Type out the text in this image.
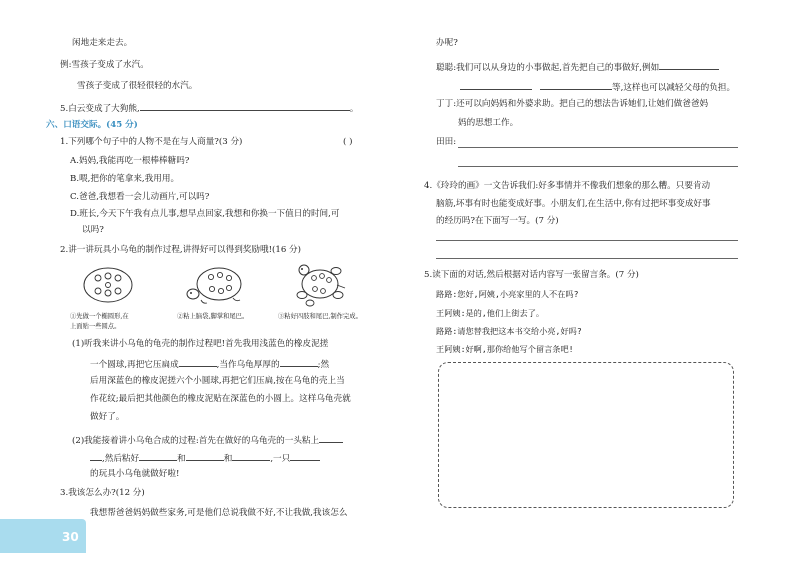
闲地走来走去。
例:雪孩子变成了水汽。
雪孩子变成了很轻很轻的水汽。
5.白云变成了大狗熊,	。
六、口语交际。(45 分)
1.下列哪个句子中的人物不是在与人商量?(3 分)	( )
A.妈妈,我能再吃一根棒棒糖吗?
B.喂,把你的笔拿来,我用用。
C.爸爸,我想看一会儿动画片,可以吗?
D.班长,今天下午我有点儿事,想早点回家,我想和你换一下值日的时间,可
以吗?
2.讲一讲玩具小乌龟的制作过程,讲得好可以得到奖励哦!(16 分)
①先做一个椭圆形,在
上面贴一些圆点。
②粘上脑袋,脚掌和尾巴。	③粘好四肢和尾巴,制作完成。
(1)听我来讲小乌龟的龟壳的制作过程吧!首先我用浅蓝色的橡皮泥搓
一个圆球,再把它压扁成	,当作乌龟厚厚的	;然
后用深蓝色的橡皮泥搓六个小圆球,再把它们压扁,按在乌龟的壳上当
作花纹;最后把其他颜色的橡皮泥贴在深蓝色的小圆上。这样乌龟壳就
做好了。
(2)我能接着讲小乌龟合成的过程:首先在做好的乌龟壳的一头粘上
,然后粘好	和	和	,一只
的玩具小乌龟就做好啦!
3.我该怎么办?(12 分)
我想帮爸爸妈妈做些家务,可是他们总说我做不好,不让我做,我该怎么
办呢?
聪聪:我们可以从身边的小事做起,首先把自己的事做好,例如
等,这样也可以减轻父母的负担。
丁丁:还可以向妈妈和外婆求助。把自己的想法告诉她们,让她们做爸爸妈
妈的思想工作。
田田:
4.《玲玲的画》一文告诉我们:好多事情并不像我们想象的那么糟。只要肯动
脑筋,坏事有时也能变成好事。小朋友们,在生活中,你有过把坏事变成好事
的经历吗?在下面写一写。(7 分)
5.读下面的对话,然后根据对话内容写一张留言条。(7 分)
路路:您好,阿姨,小亮家里的人不在吗?
王阿姨:是的,他们上街去了。
路路:请您替我把这本书交给小亮,好吗?
王阿姨:好啊,那你给他写个留言条吧!
30
